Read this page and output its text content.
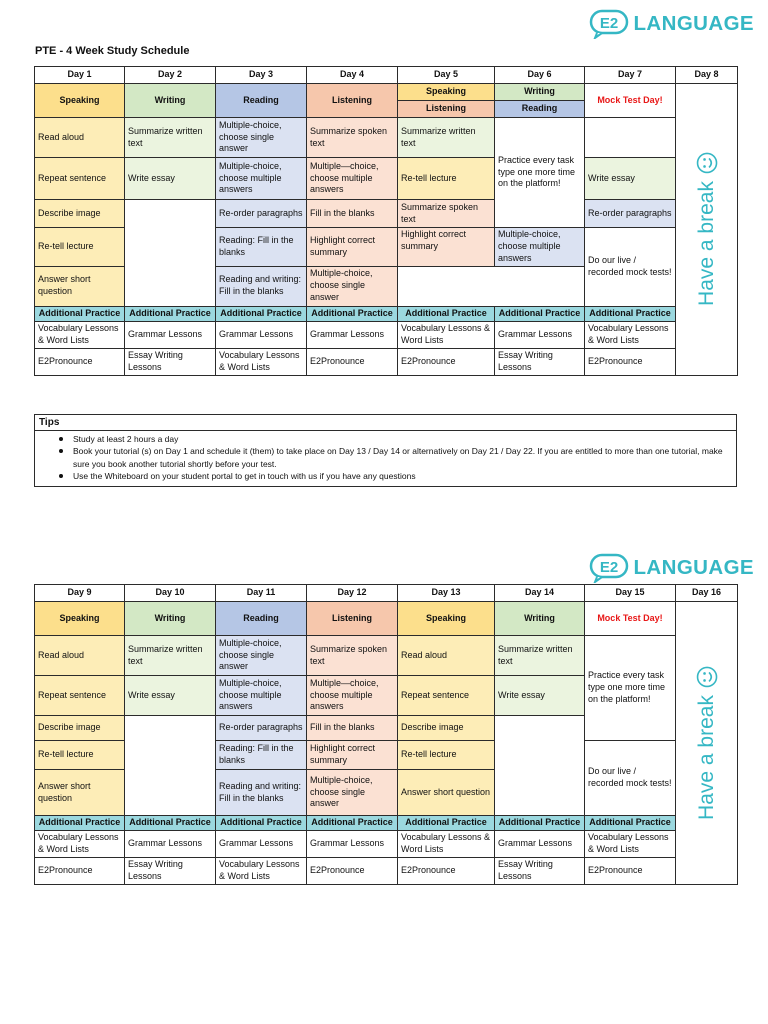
E2 LANGUAGE
PTE - 4 Week Study Schedule
Day 1	Day 2	Day 3	Day 4	Day 5	Day 6	Day 7	Day 8
Speaking	Writing	Reading	Listening	Speaking	Writing	Mock Test Day!	Have a break

				Listening	Reading		
Read aloud	Summarize written text	Multiple-choice, choose single answer	Summarize spoken text	Summarize written text	Practice every task type one more time on the platform!		
Repeat sentence	Write essay	Multiple-choice, choose multiple answers	Multiple—choice, choose multiple answers	Re-tell lecture		Write essay	
Describe image		Re-order paragraphs	Fill in the blanks	Summarize spoken text		Re-order paragraphs	
Re-tell lecture		Reading: Fill in the blanks	Highlight correct summary	Highlight correct summary	Multiple-choice, choose multiple answers	Do our live / recorded mock tests!	
Answer short question		Reading and writing: Fill in the blanks	Multiple-choice, choose single answer				
Additional Practice	Additional Practice	Additional Practice	Additional Practice	Additional Practice	Additional Practice	Additional Practice	
Vocabulary Lessons & Word Lists	Grammar Lessons	Grammar Lessons	Grammar Lessons	Vocabulary Lessons & Word Lists	Grammar Lessons	Vocabulary Lessons & Word Lists	
E2Pronounce	Essay Writing Lessons	Vocabulary Lessons & Word Lists	E2Pronounce	E2Pronounce	Essay Writing Lessons	E2Pronounce	
Tips
Study at least 2 hours a day
Book your tutorial (s) on Day 1 and schedule it (them) to take place on Day 13 / Day 14 or alternatively on Day 21 / Day 22. If you are entitled to more than one tutorial, make sure you book another tutorial shortly before your test.
Use the Whiteboard on your student portal to get in touch with us if you have any questions
E2 LANGUAGE
Day 9	Day 10	Day 11	Day 12	Day 13	Day 14	Day 15	Day 16
Speaking	Writing	Reading	Listening	Speaking	Writing	Mock Test Day!	Have a break

Read aloud	Summarize written text	Multiple-choice, choose single answer	Summarize spoken text	Read aloud	Summarize written text	Practice every task type one more time on the platform!	
Repeat sentence	Write essay	Multiple-choice, choose multiple answers	Multiple—choice, choose multiple answers	Repeat sentence	Write essay		
Describe image		Re-order paragraphs	Fill in the blanks	Describe image			
Re-tell lecture		Reading: Fill in the blanks	Highlight correct summary	Re-tell lecture		Do our live / recorded mock tests!	
Answer short question		Reading and writing: Fill in the blanks	Multiple-choice, choose single answer	Answer short question			
Additional Practice	Additional Practice	Additional Practice	Additional Practice	Additional Practice	Additional Practice	Additional Practice	
Vocabulary Lessons & Word Lists	Grammar Lessons	Grammar Lessons	Grammar Lessons	Vocabulary Lessons & Word Lists	Grammar Lessons	Vocabulary Lessons & Word Lists	
E2Pronounce	Essay Writing Lessons	Vocabulary Lessons & Word Lists	E2Pronounce	E2Pronounce	Essay Writing Lessons	E2Pronounce	
